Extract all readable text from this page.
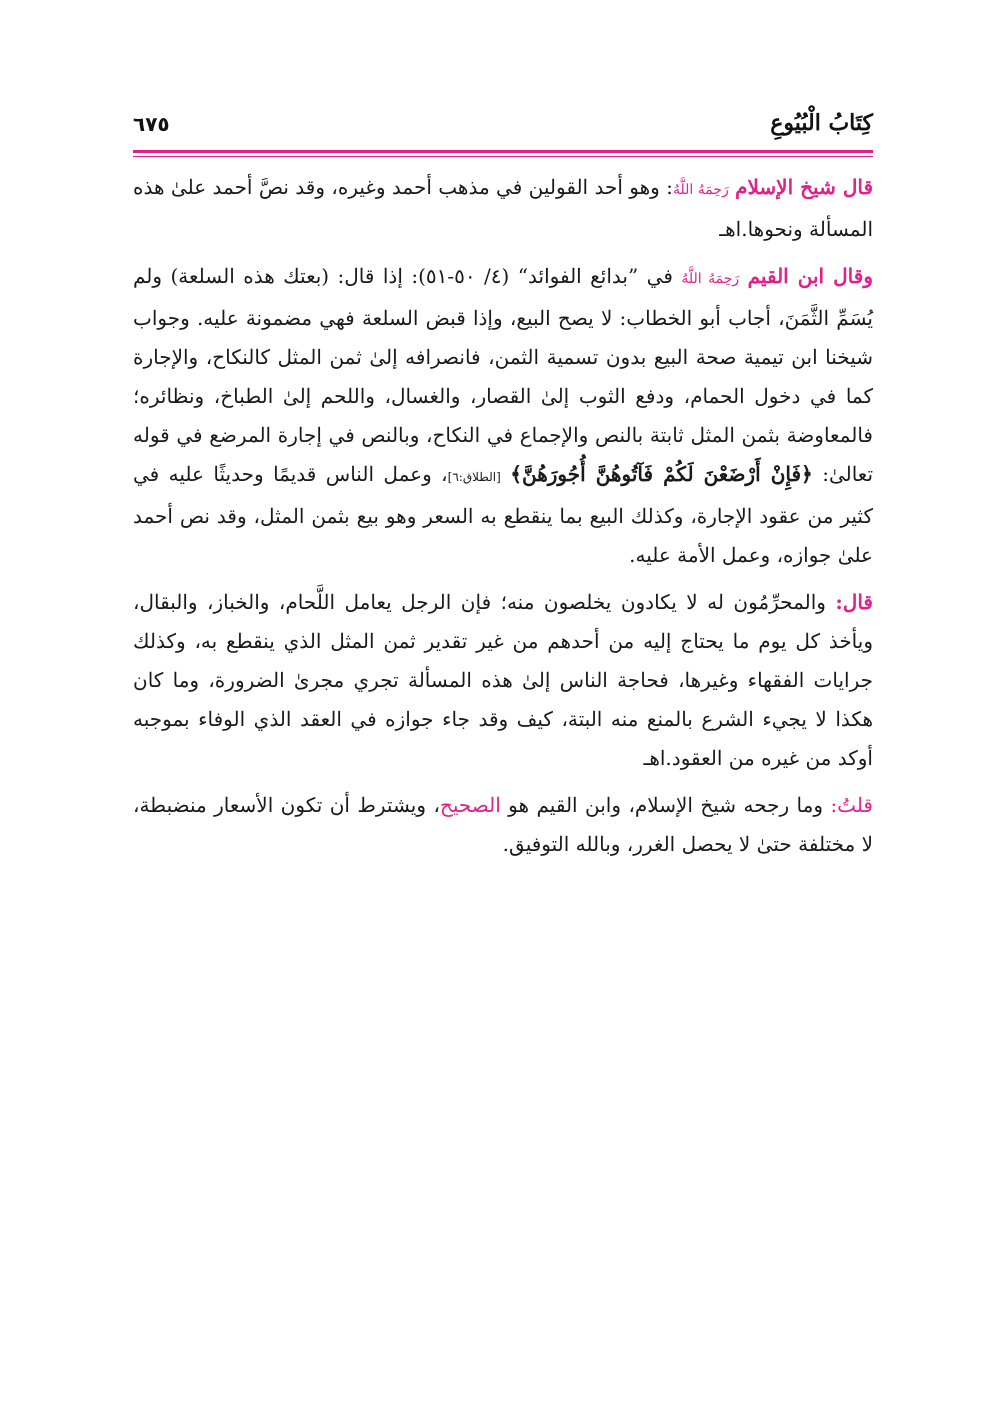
كِتَابُ الْبُيُوعِ
٦٧٥

قال شيخ الإسلام رَحِمَهُ اللَّهُ: وهو أحد القولين في مذهب أحمد وغيره، وقد نصَّ أحمد علىٰ هذه المسألة ونحوها.اهـ

وقال ابن القيم رَحِمَهُ اللَّهُ في ”بدائع الفوائد“ (٤/ ٥٠-٥١): إذا قال: (بعتك هذه السلعة) ولم يُسَمِّ الثَّمَنَ، أجاب أبو الخطاب: لا يصح البيع، وإذا قبض السلعة فهي مضمونة عليه. وجواب شيخنا ابن تيمية صحة البيع بدون تسمية الثمن، فانصرافه إلىٰ ثمن المثل كالنكاح، والإجارة كما في دخول الحمام، ودفع الثوب إلىٰ القصار، والغسال، واللحم إلىٰ الطباخ، ونظائره؛ فالمعاوضة بثمن المثل ثابتة بالنص والإجماع في النكاح، وبالنص في إجارة المرضع في قوله تعالىٰ: ﴿فَإِنْ أَرْضَعْنَ لَكُمْ فَآتُوهُنَّ أُجُورَهُنَّ﴾ [الطلاق:٦]، وعمل الناس قديمًا وحديثًا عليه في كثير من عقود الإجارة، وكذلك البيع بما ينقطع به السعر وهو بيع بثمن المثل، وقد نص أحمد علىٰ جوازه، وعمل الأمة عليه.

قال: والمحرِّمُون له لا يكادون يخلصون منه؛ فإن الرجل يعامل اللَّحام، والخباز، والبقال، ويأخذ كل يوم ما يحتاج إليه من أحدهم من غير تقدير ثمن المثل الذي ينقطع به، وكذلك جرايات الفقهاء وغيرها، فحاجة الناس إلىٰ هذه المسألة تجري مجرىٰ الضرورة، وما كان هكذا لا يجيء الشرع بالمنع منه البتة، كيف وقد جاء جوازه في العقد الذي الوفاء بموجبه أوكد من غيره من العقود.اهـ

قلتُ: وما رجحه شيخ الإسلام، وابن القيم هو الصحيح، ويشترط أن تكون الأسعار منضبطة، لا مختلفة حتىٰ لا يحصل الغرر، وبالله التوفيق.
